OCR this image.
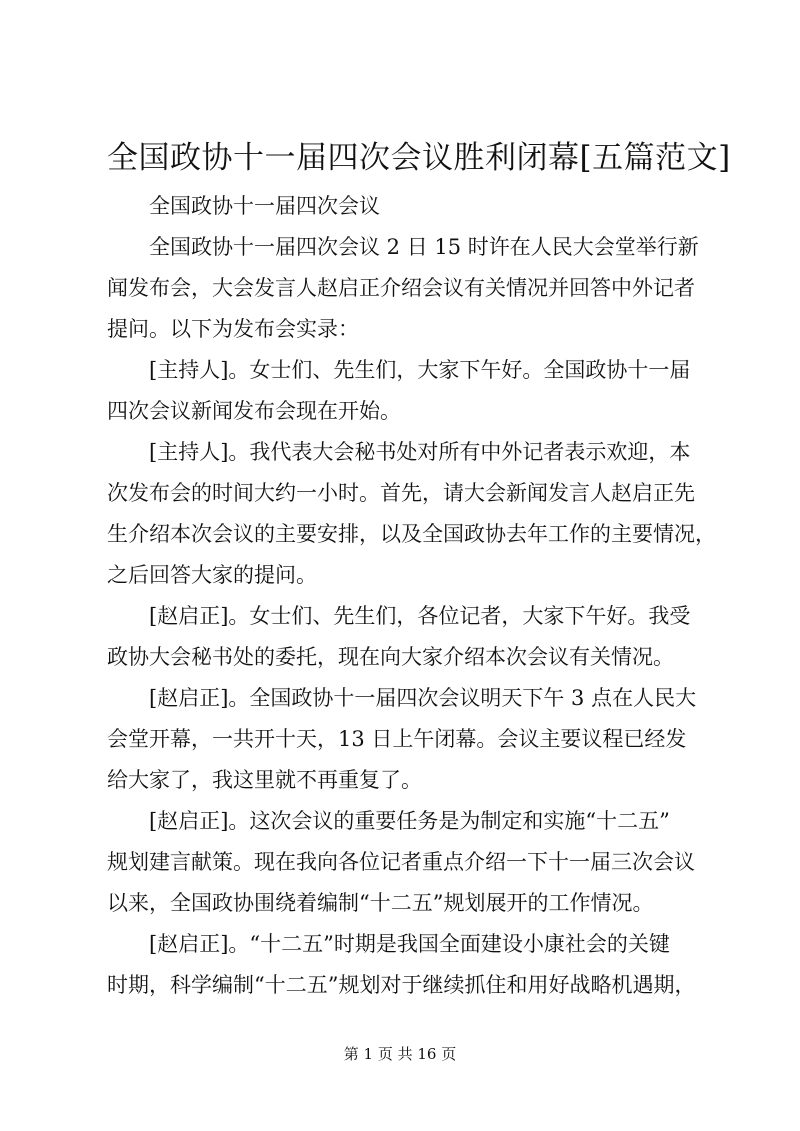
全国政协十一届四次会议胜利闭幕[五篇范文]

全国政协十一届四次会议

全国政协十一届四次会议 2 日 15 时许在人民大会堂举行新
闻发布会，大会发言人赵启正介绍会议有关情况并回答中外记者
提问。以下为发布会实录：

[主持人]。女士们、先生们，大家下午好。全国政协十一届
四次会议新闻发布会现在开始。

[主持人]。我代表大会秘书处对所有中外记者表示欢迎，本
次发布会的时间大约一小时。首先，请大会新闻发言人赵启正先
生介绍本次会议的主要安排，以及全国政协去年工作的主要情况，
之后回答大家的提问。

[赵启正]。女士们、先生们，各位记者，大家下午好。我受
政协大会秘书处的委托，现在向大家介绍本次会议有关情况。

[赵启正]。全国政协十一届四次会议明天下午 3 点在人民大
会堂开幕，一共开十天，13 日上午闭幕。会议主要议程已经发
给大家了，我这里就不再重复了。

[赵启正]。这次会议的重要任务是为制定和实施“十二五”
规划建言献策。现在我向各位记者重点介绍一下十一届三次会议
以来，全国政协围绕着编制“十二五”规划展开的工作情况。

[赵启正]。“十二五”时期是我国全面建设小康社会的关键
时期，科学编制“十二五”规划对于继续抓住和用好战略机遇期，

第 1 页 共 16 页
